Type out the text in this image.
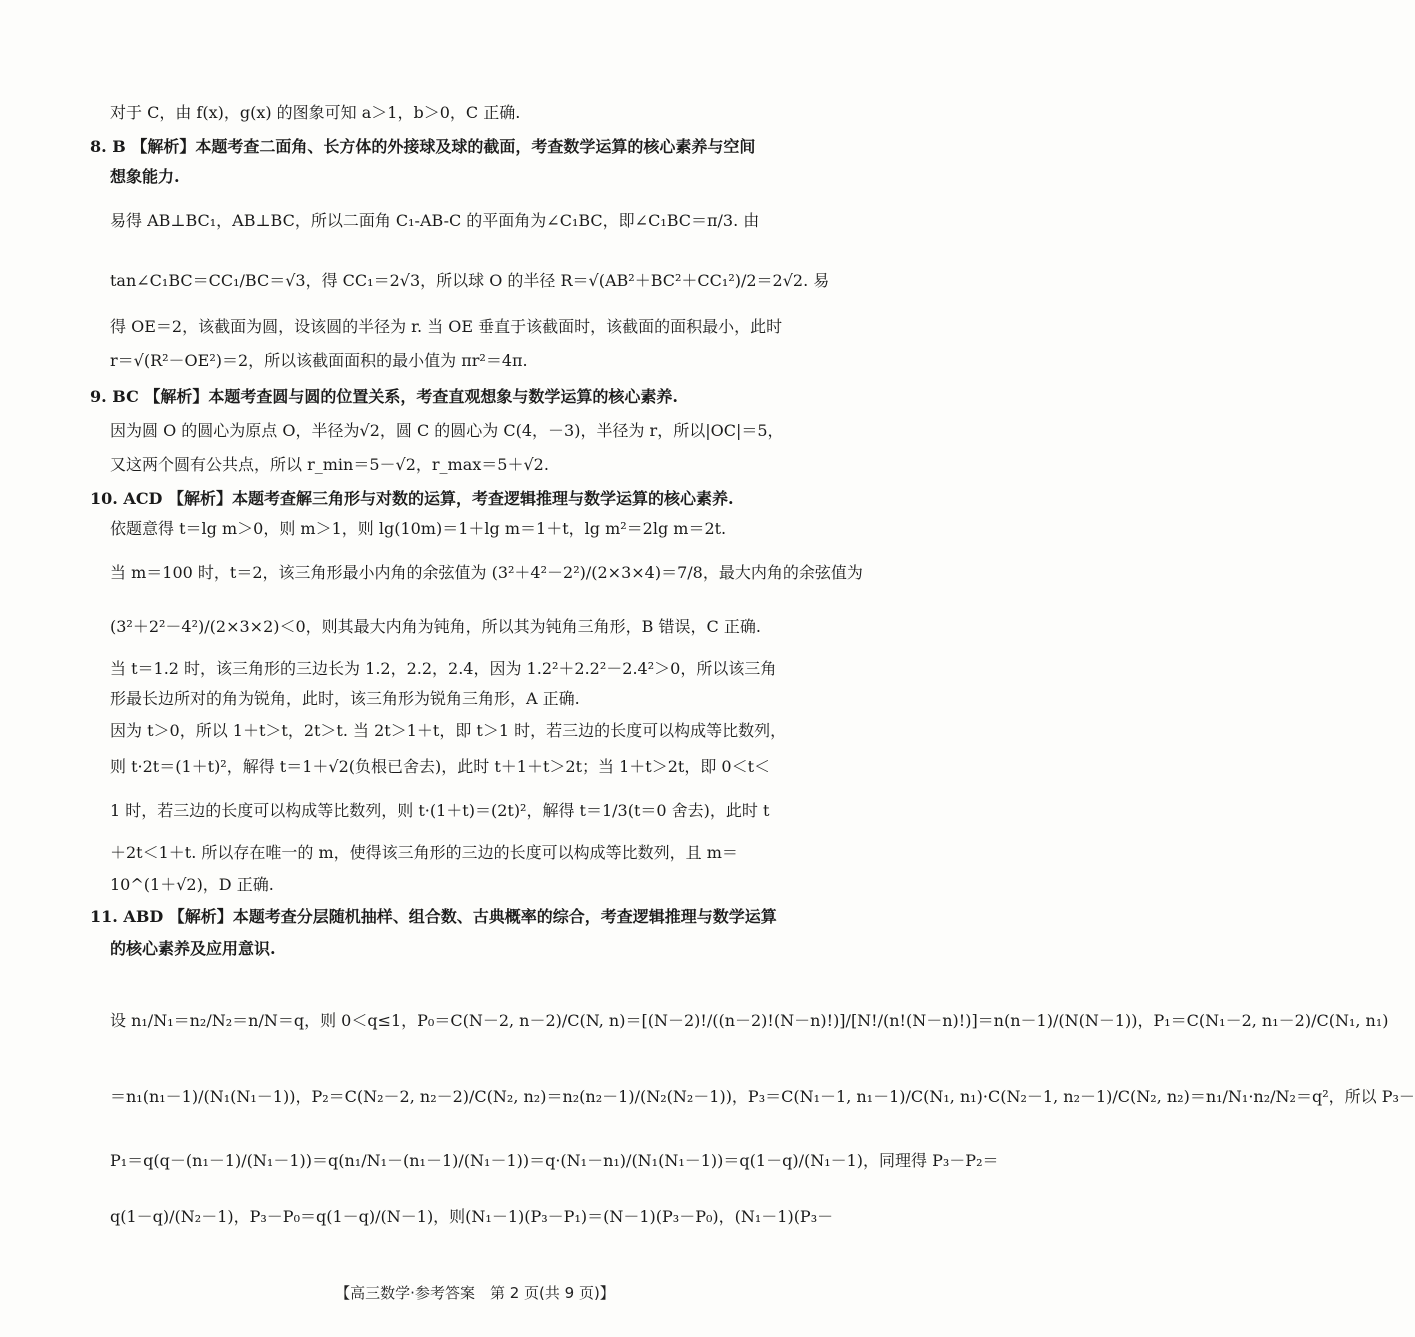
对于 C，由 f(x)，g(x) 的图象可知 a＞1，b＞0，C 正确.
8. B 【解析】本题考查二面角、长方体的外接球及球的截面，考查数学运算的核心素养与空间
想象能力.
易得 AB⊥BC₁，AB⊥BC，所以二面角 C₁-AB-C 的平面角为∠C₁BC，即∠C₁BC＝π/3. 由
tan∠C₁BC＝CC₁/BC＝√3，得 CC₁＝2√3，所以球 O 的半径 R＝√(AB²＋BC²＋CC₁²)/2＝2√2. 易
得 OE＝2，该截面为圆，设该圆的半径为 r. 当 OE 垂直于该截面时，该截面的面积最小，此时
r＝√(R²－OE²)＝2，所以该截面面积的最小值为 πr²＝4π.
9. BC 【解析】本题考查圆与圆的位置关系，考查直观想象与数学运算的核心素养.
因为圆 O 的圆心为原点 O，半径为√2，圆 C 的圆心为 C(4，－3)，半径为 r，所以|OC|＝5，
又这两个圆有公共点，所以 r_min＝5－√2，r_max＝5＋√2.
10. ACD 【解析】本题考查解三角形与对数的运算，考查逻辑推理与数学运算的核心素养.
依题意得 t＝lg m＞0，则 m＞1，则 lg(10m)＝1＋lg m＝1＋t，lg m²＝2lg m＝2t.
当 m＝100 时，t＝2，该三角形最小内角的余弦值为 (3²＋4²－2²)/(2×3×4)＝7/8，最大内角的余弦值为
(3²＋2²－4²)/(2×3×2)＜0，则其最大内角为钝角，所以其为钝角三角形，B 错误，C 正确.
当 t＝1.2 时，该三角形的三边长为 1.2，2.2，2.4，因为 1.2²＋2.2²－2.4²＞0，所以该三角
形最长边所对的角为锐角，此时，该三角形为锐角三角形，A 正确.
因为 t＞0，所以 1＋t＞t，2t＞t. 当 2t＞1＋t，即 t＞1 时，若三边的长度可以构成等比数列，
则 t·2t＝(1＋t)²，解得 t＝1＋√2(负根已舍去)，此时 t＋1＋t＞2t；当 1＋t＞2t，即 0＜t＜
1 时，若三边的长度可以构成等比数列，则 t·(1＋t)＝(2t)²，解得 t＝1/3(t＝0 舍去)，此时 t
＋2t＜1＋t. 所以存在唯一的 m，使得该三角形的三边的长度可以构成等比数列，且 m＝
10^(1＋√2)，D 正确.
11. ABD 【解析】本题考查分层随机抽样、组合数、古典概率的综合，考查逻辑推理与数学运算
的核心素养及应用意识.
设 n₁/N₁＝n₂/N₂＝n/N＝q，则 0＜q≤1，P₀＝C(N－2, n－2)/C(N, n)＝[(N－2)!/((n－2)!(N－n)!)]/[N!/(n!(N－n)!)]＝n(n－1)/(N(N－1))，P₁＝C(N₁－2, n₁－2)/C(N₁, n₁)
＝n₁(n₁－1)/(N₁(N₁－1))，P₂＝C(N₂－2, n₂－2)/C(N₂, n₂)＝n₂(n₂－1)/(N₂(N₂－1))，P₃＝C(N₁－1, n₁－1)/C(N₁, n₁)·C(N₂－1, n₂－1)/C(N₂, n₂)＝n₁/N₁·n₂/N₂＝q²，所以 P₃－
P₁＝q(q－(n₁－1)/(N₁－1))＝q(n₁/N₁－(n₁－1)/(N₁－1))＝q·(N₁－n₁)/(N₁(N₁－1))＝q(1－q)/(N₁－1)，同理得 P₃－P₂＝
q(1－q)/(N₂－1)，P₃－P₀＝q(1－q)/(N－1)，则(N₁－1)(P₃－P₁)＝(N－1)(P₃－P₀)，(N₁－1)(P₃－
【高三数学·参考答案　第 2 页(共 9 页)】
